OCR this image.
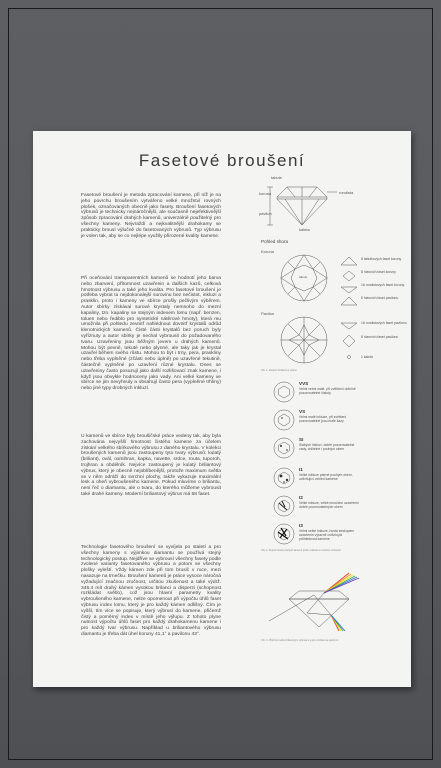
Fasetové broušení
Fasetové broušení je metoda zpracování kamene, při níž je na jeho povrchu broušením vytvářeno velké množství rovných plošek, označovaných obecně jako fasety. Broušení fasetových výbrusů je technicky nejnáročnější, ale současně nejefektivnější způsob zpracování drahých kamenů, univerzálně použitelný pro všechny kameny. Nejvraždí a nejkvalitnější drahokamy se prakticky brousí výlučně do fasetovaných výbrusů. Typ výbrusu je volen tak, aby se co nejlépe využily přirozené kvality kamene.
Při oceňování transparentních kamenů se hodnotí jeho barva nebo zbarvení, přítomnost uzavřenin a dalších kazů, celková hmotnost výbrusu a také jeho kvalita. Pro fasetové broušení je potřeba vybrat tu nejdokonalejší surovinu bez nečistot, inkluzí a prasklin, proto i kameny ve sbírce prošly pečlivým výběrem. Autor sbírky získával surové krystaly nemnoho do mezní kapaliny, tzn. kapaliny se stejným indexem lomu (např. benzen, toluen nebo řediblo pro syntetické nátěrové hmoty), která mu umožnila při pohledu zevnitř nahlédnout dovnitř krystalů odrůd klenotnických kamenů. Čisté části krystalů bez poruch byly vyříznuty a autor sbírky je nechal vybrousit do požadovaného tvaru. Uzavřeniny jsou běžným jevem u drahých kamenů. Mohou být pevné, tekuté nebo plynné, ale taky jak je krystal uzavřel během svého růstu. Mohou to být i trny, pera, praskliny nebo třeba vyplněné (zčásti nebo úplně) po uzavřené tekutině, částečně vyplněné po uzavření různé krystalu. Dnes se uzavřeniny často posuzují jako další rozlišovací znak kamene, i když jsou obvykle hodnoceny jako vady. Ani velké kameny ve sbírce se jim nevyhnuly a obsahují často pera (vyplněné trhliny) nebo jiné typy drobných inkluzí.
U kamenů ve sbírce byly broušičské práce vedeny tak, aby byla zachována nejvyšší hmotnost čistého kamene za účelem získání velkého sbírkového výbrusu z daného krystalu. V kolekci broušených kamenů jsou zastoupeny tyto tvary výbrusů: kulatý (briliant), ovál, osmihran, kapka, navette, srdce, routa, tuporoh, trojhran a obdélník. Nejvíce zastoupený je kulatý briliantový výbrus, který je obecně nejoblíbenější, protože maximum světla se v něm odráží do svrchní plochy, takže vykazuje maximální lesk a oheň vybroušeného kamene. Pokud mluvíme o briliantu, není řeč o diamantu, ale o tvaru, do kterého můžeme vybrousit také drahé kameny. Moderní briliantový výbrus má 58 faset.
Technologie fasetového broušení se vyvíjela po staletí a pro všechny kameny s výjimkou diamantu se používá stejný technologický postup. Nejdříve se vybrousí všechny fasety podle zvolené varianty fasetovaného výbrusu a potom se všechny plošky vyleští. Vždy kámen zde při tom brusič v ruce, mezi nasazuje na trnečku. Broušení kamenů je práce vysoce náročná vyžadující značnou zručnost, určitou zkušenost a také výdrž. 345.4 mít drahý kámen vysokou brilanci a disperzi (schopnost rozkládat světlo), což jsou hlavní parametry kvality vybroušeného kamene, nelze opomenout při výpočtu úhlů faset výbrusu index lomu, který je pro každý kámen odlišný. Čím je vyšší, tím více se popisuje, který výbrusí do kamene, přičemž čistý a poměrný index v místě jeho výlupu. Z tohoto plyne nutnost výpočtu úhlů faset pro každý drahokamenu kamene i pro každý tvar výbrusu. Například u briliantového výbrusu diamantu je třeba dát úhel koruny 41,1° a pavilonu 43°.
tabule
koruna	rondista
pavilon
kaleta
Pohled shora
Koruna
tabule
8 tabulkových faset koruny
8 hlavních faset koruny
16 rondistových faset koruny
8 hlavních faset pavilonu
Pavilon
16 rondistových faset pavilonu
8 hlavních faset pavilonu
1 kaleta
Obr. 1. Moderní briliantový výbrus
VVS
Velmi velmi malé, při zvětšení obtížně pozorovatelné čistoty
VS
Velmi malé inkluze, při zvětšení pozorovatelné jsou malé kazy
SI
Slabých inkluzí, dobře pozorovatelné vady, viditelné i pouhým okem
I1
Velké inkluze patrné pouhým okem, ovlivňující vzhled kamene
I2
Velké inkluze, velké množství uzavřenin dobře pozorovatelných okem
I3
Velmi velké inkluze, hustá seskupení uzavřenin výrazně ovlivňující průhlednost kamene
Obr. 2. Stupně čistoty drahých kamenů podle velikosti a množství uzavřenin
Obr. 3. Průchod světla briliantovým výbrusem a jeho rozklad na spektrum
